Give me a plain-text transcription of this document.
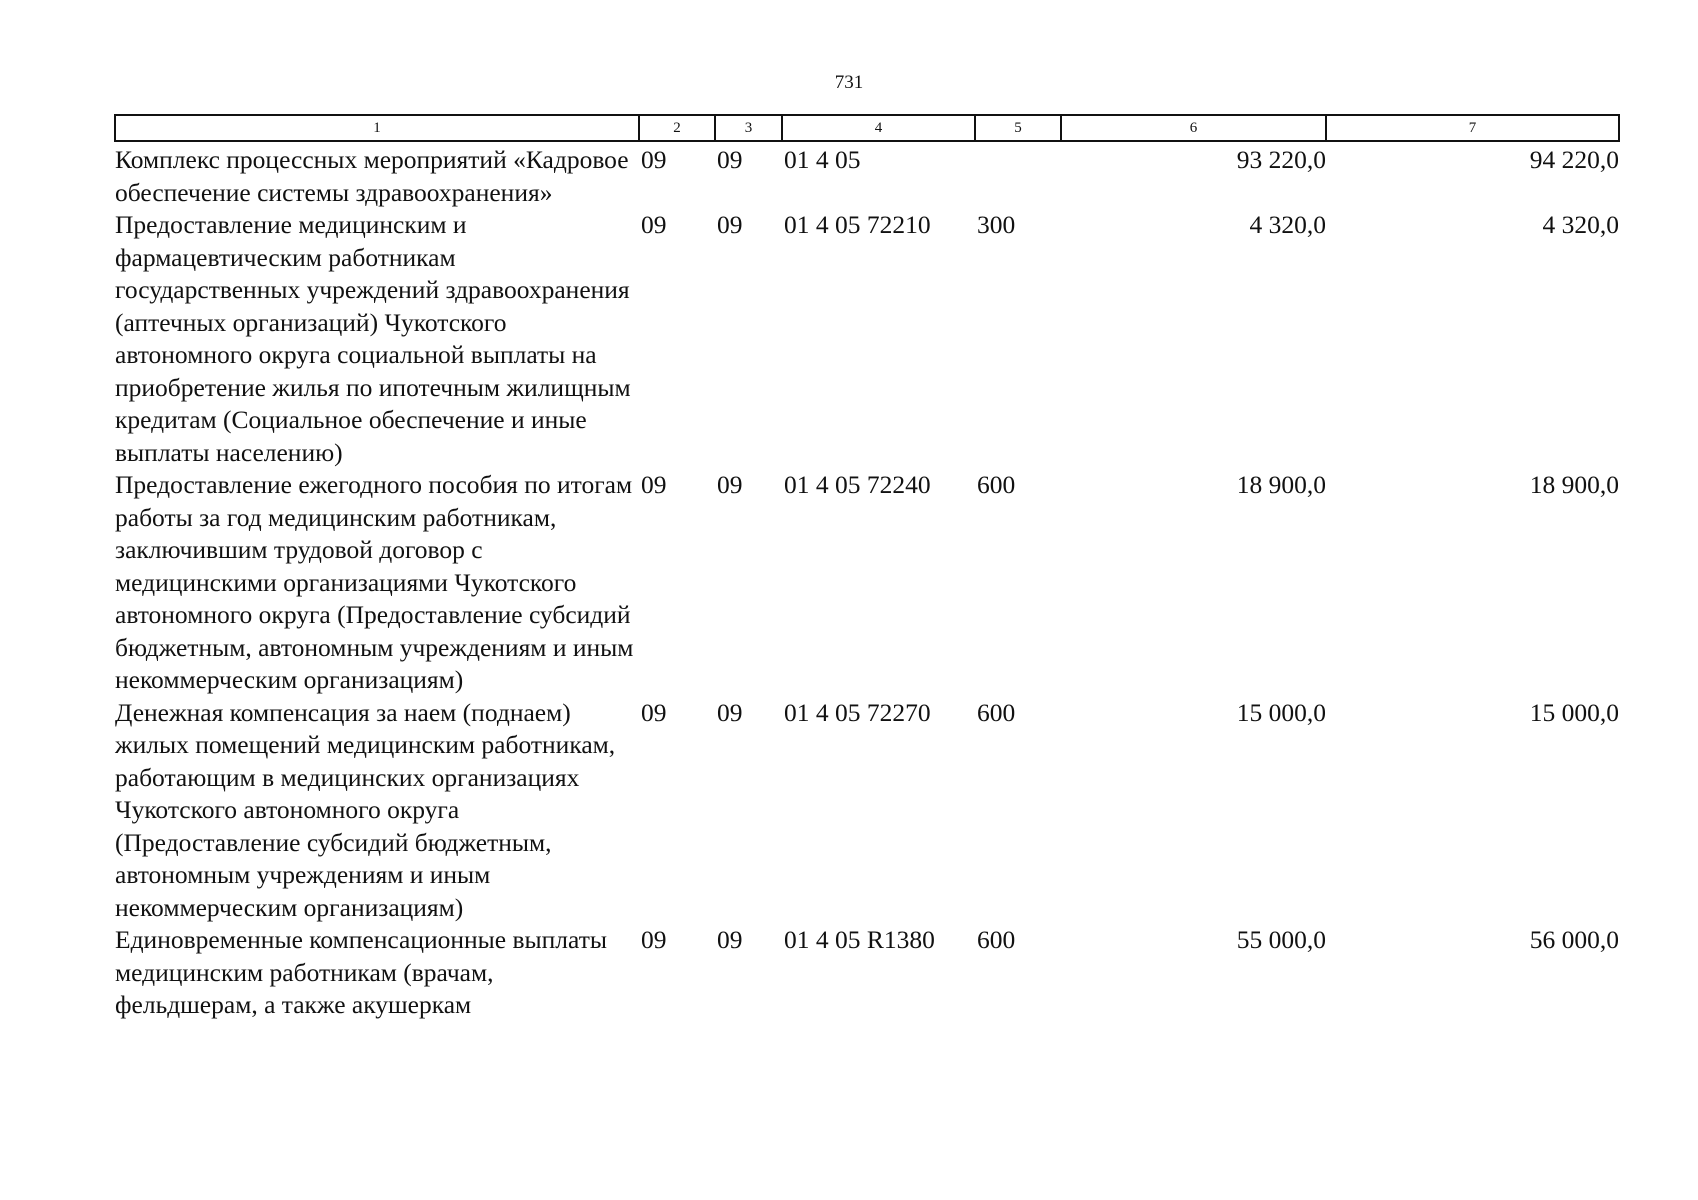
731
1	2	3	4	5	6	7
Комплекс процессных мероприятий «Кадровое обеспечение системы здравоохранения»	09	09	01 4 05		93 220,0	94 220,0
Предоставление медицинским и фармацевтическим работникам государственных учреждений здравоохранения (аптечных организаций) Чукотского автономного округа социальной выплаты на приобретение жилья по ипотечным жилищным кредитам (Социальное обеспечение и иные выплаты населению)	09	09	01 4 05 72210	300	4 320,0	4 320,0
Предоставление ежегодного пособия по итогам работы за год медицинским работникам, заключившим трудовой договор с медицинскими организациями Чукотского автономного округа (Предоставление субсидий бюджетным, автономным учреждениям и иным некоммерческим организациям)	09	09	01 4 05 72240	600	18 900,0	18 900,0
Денежная компенсация за наем (поднаем) жилых помещений медицинским работникам, работающим в медицинских организациях Чукотского автономного округа (Предоставление субсидий бюджетным, автономным учреждениям и иным некоммерческим организациям)	09	09	01 4 05 72270	600	15 000,0	15 000,0
Единовременные компенсационные выплаты медицинским работникам (врачам, фельдшерам, а также акушеркам	09	09	01 4 05 R1380	600	55 000,0	56 000,0
